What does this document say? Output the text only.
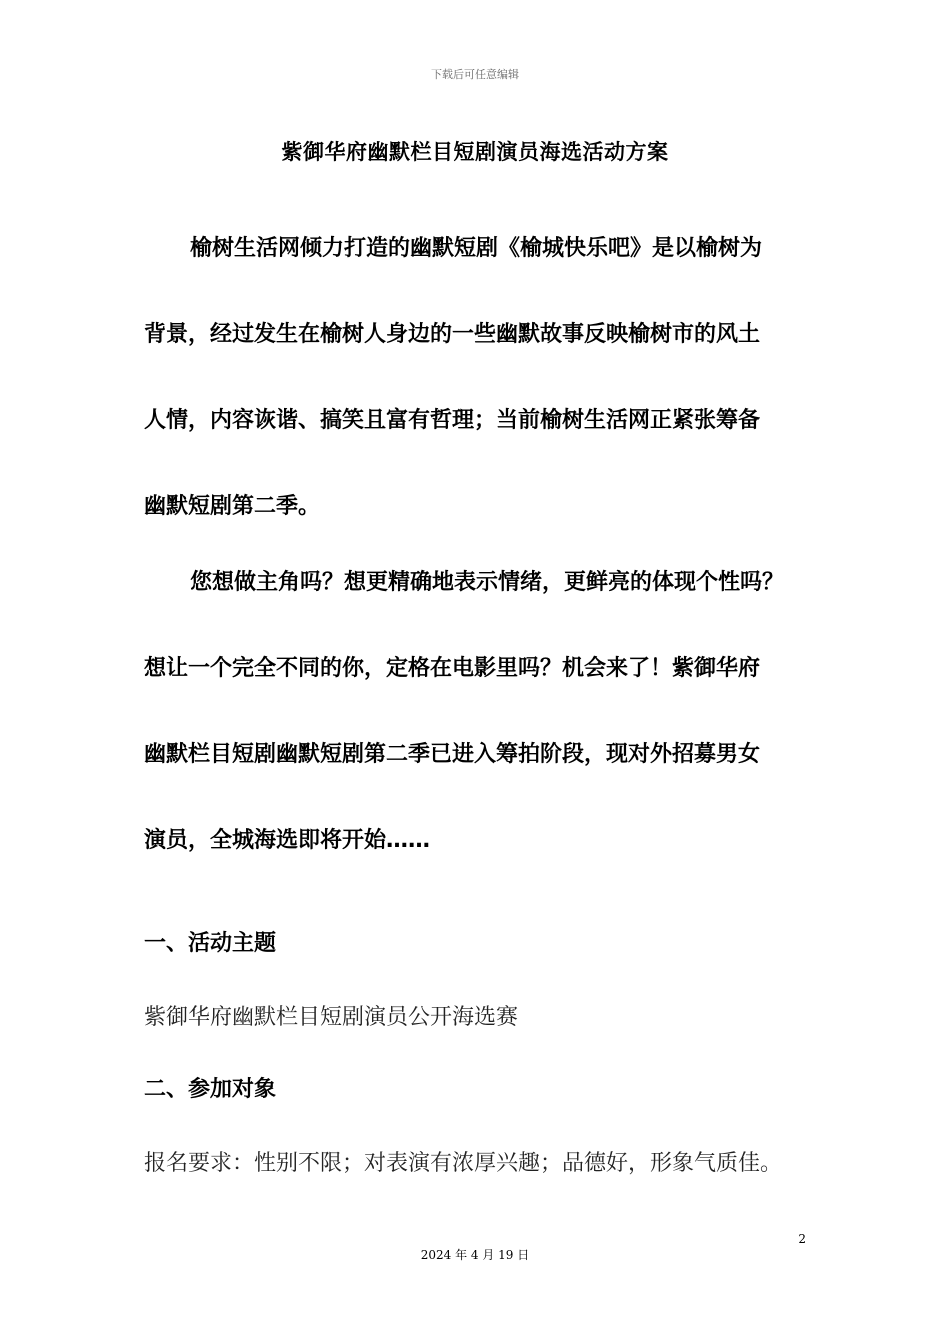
下载后可任意编辑
紫御华府幽默栏目短剧演员海选活动方案
榆树生活网倾力打造的幽默短剧《榆城快乐吧》是以榆树为
背景，经过发生在榆树人身边的一些幽默故事反映榆树市的风土
人情，内容诙谐、搞笑且富有哲理；当前榆树生活网正紧张筹备
幽默短剧第二季。
您想做主角吗？想更精确地表示情绪，更鲜亮的体现个性吗？
想让一个完全不同的你，定格在电影里吗？机会来了！紫御华府
幽默栏目短剧幽默短剧第二季已进入筹拍阶段，现对外招募男女
演员，全城海选即将开始……
一、活动主题
紫御华府幽默栏目短剧演员公开海选赛
二、参加对象
报名要求：性别不限；对表演有浓厚兴趣；品德好，形象气质佳。
2
2024 年 4 月 19 日
